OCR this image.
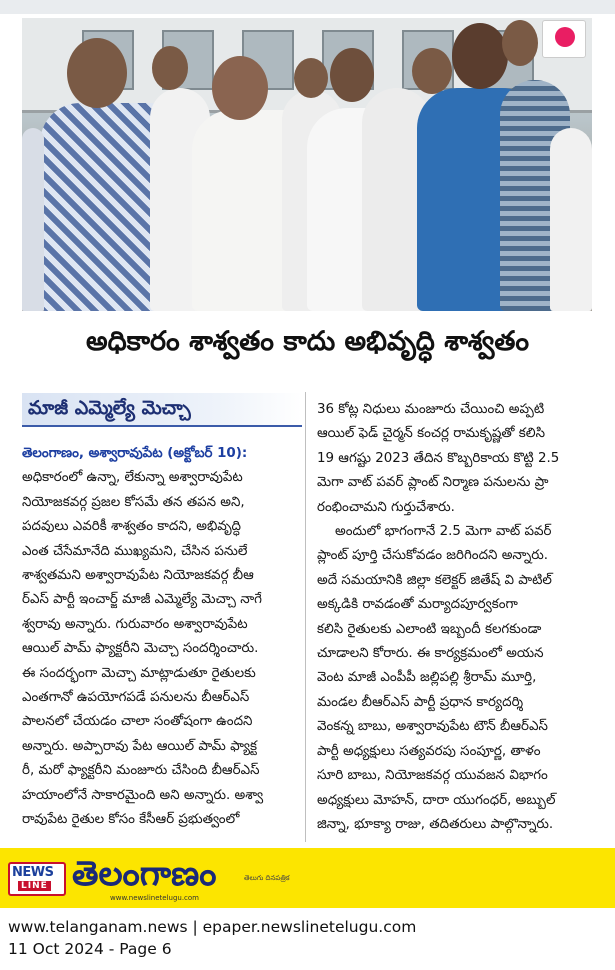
అధికారం శాశ్వతం కాదు అభివృద్ధి శాశ్వతం
మాజీ ఎమ్మెల్యే మెచ్చా
తెలంగాణం, అశ్వారావుపేట (అక్టోబర్ 10):
అధికారంలో ఉన్నా, లేకున్నా అశ్వారావుపేట
నియోజకవర్గ ప్రజల కోసమే తన తపన అని,
పదవులు ఎవరికీ శాశ్వతం కాదని, అభివృద్ధి
ఎంత చేసేమానేది ముఖ్యమని, చేసిన పనులే
శాశ్వతమని అశ్వారావుపేట నియోజకవర్గ బీఆ
ర్ఎస్ పార్టీ ఇంచార్జ్ మాజీ ఎమ్మెల్యే మెచ్చా నాగే
శ్వరావు అన్నారు. గురువారం అశ్వారావుపేట
ఆయిల్ పామ్ ఫ్యాక్టరీని మెచ్చా సందర్శించారు.
ఈ సందర్భంగా మెచ్చా మాట్లాడుతూ రైతులకు
ఎంతగానో ఉపయోగపడే పనులను బీఆర్ఎస్
పాలనలో చేయడం చాలా సంతోషంగా ఉందని
అన్నారు. అప్పారావు పేట ఆయిల్ పామ్ ఫ్యాక్ట
రీ, మరో ఫ్యాక్టరీని మంజూరు చేసింది బీఆర్ఎస్
హయాంలోనే సాకారమైంది అని అన్నారు. అశ్వా
రావుపేట రైతుల కోసం కేసీఆర్ ప్రభుత్వంలో
36 కోట్ల నిధులు మంజూరు చేయించి అప్పటి
ఆయిల్ ఫెడ్ చైర్మన్ కంచర్ల రామకృష్ణతో కలిసి
19 ఆగష్టు 2023 తేదిన కొబ్బరికాయ కొట్టి 2.5
మెగా వాట్ పవర్ ప్లాంట్ నిర్మాణ పనులను ప్రా
రంభించామని గుర్తుచేశారు.
అందులో భాగంగానే 2.5 మెగా వాట్ పవర్
ప్లాంట్ పూర్తి చేసుకోవడం జరిగిందని అన్నారు.
అదే సమయానికి జిల్లా కలెక్టర్ జితేష్ వి పాటిల్
అక్కడికి రావడంతో మర్యాదపూర్వకంగా
కలిసి రైతులకు ఎలాంటి ఇబ్బందీ కలగకుండా
చూడాలని కోరారు. ఈ కార్యక్రమంలో అయన
వెంట మాజీ ఎంపీపీ జల్లిపల్లి శ్రీరామ్ మూర్తి,
మండల బీఆర్ఎస్ పార్టీ ప్రధాన కార్యదర్శి
వెంకన్న బాబు, అశ్వారావుపేట టౌన్ బీఆర్ఎస్
పార్టీ అధ్యక్షులు సత్యవరపు సంపూర్ణ, తాళం
సూరి బాబు, నియోజకవర్గ యువజన విభాగం
అధ్యక్షులు మోహన్, దారా యుగంధర్, అబ్బుల్
జిన్నా, భూక్యా రాజు, తదితరులు పాల్గొన్నారు.
NEWS
LINE తెలంగాణం	తెలుగు దినపత్రిక
www.newslinetelugu.com
www.telanganam.news | epaper.newslinetelugu.com
11 Oct 2024 - Page 6
